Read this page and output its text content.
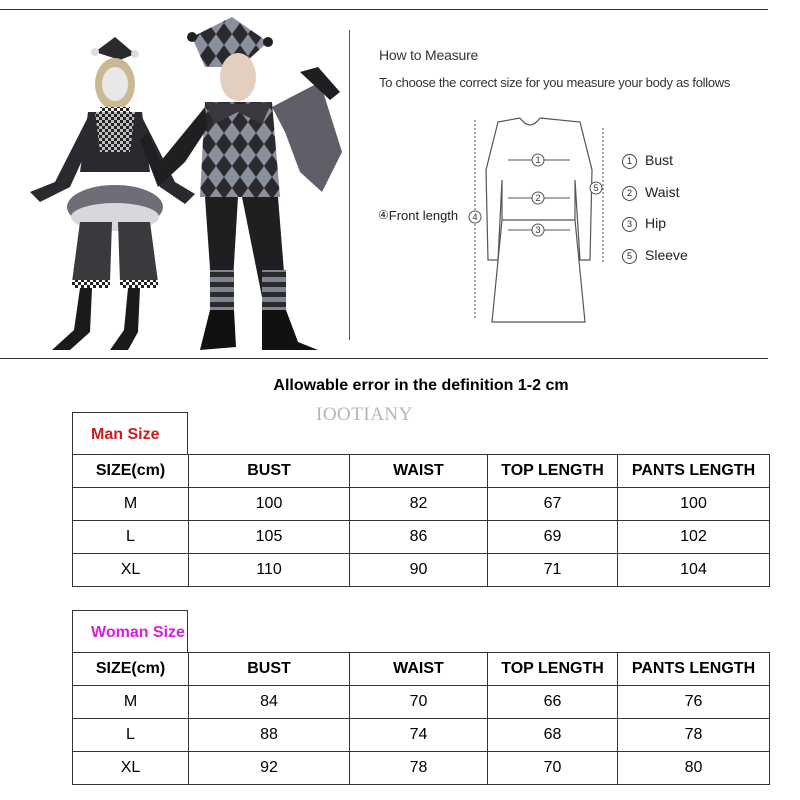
How to Measure
To choose the correct size for you measure your body as follows
1
2
3
4
5
④Front length
1 Bust
2 Waist
3 Hip
5 Sleeve
Allowable error in the definition 1-2 cm
IOOTIANY
Man Size
SIZE(cm)	BUST	WAIST	TOP LENGTH	PANTS LENGTH
M	100	82	67	100
L	105	86	69	102
XL	110	90	71	104
Woman Size
SIZE(cm)	BUST	WAIST	TOP LENGTH	PANTS LENGTH
M	84	70	66	76
L	88	74	68	78
XL	92	78	70	80
